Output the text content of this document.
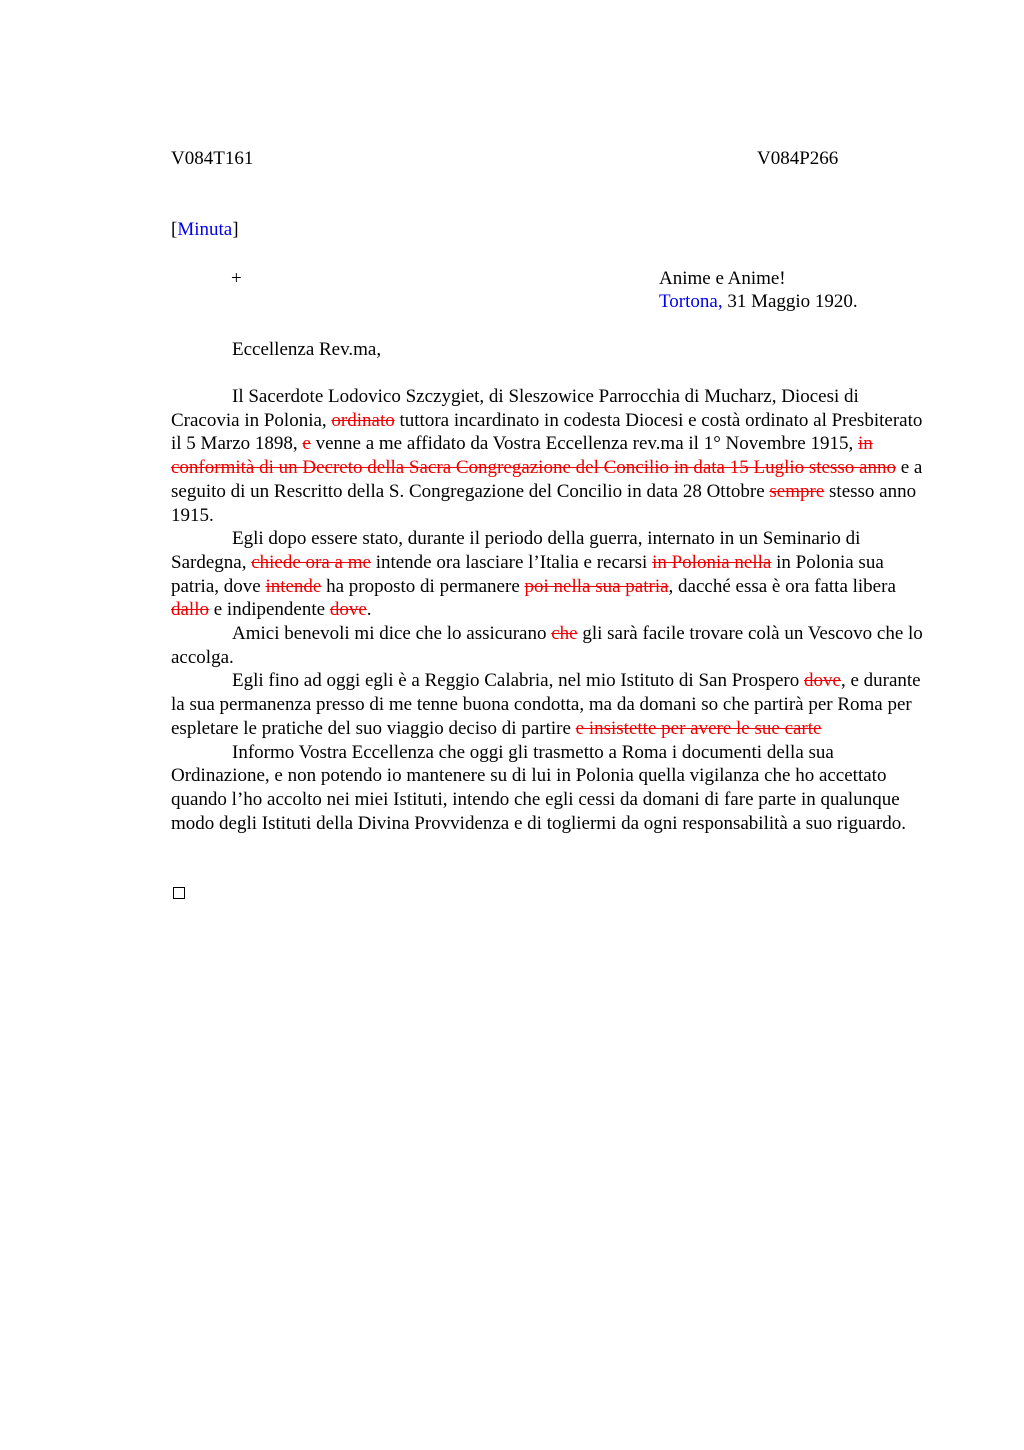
V084T161	V084P266
[Minuta]
+	Anime e Anime!
Tortona, 31 Maggio 1920.
Eccellenza Rev.ma,

Il Sacerdote Lodovico Szczygiet, di Sleszowice Parrocchia di Mucharz, Diocesi di Cracovia in Polonia, ordinato tuttora incardinato in codesta Diocesi e costà ordinato al Presbiterato il 5 Marzo 1898, e venne a me affidato da Vostra Eccellenza rev.ma il 1° Novembre 1915, in conformità di un Decreto della Sacra Congregazione del Concilio in data 15 Luglio stesso anno e a seguito di un Rescritto della S. Congregazione del Concilio in data 28 Ottobre sempre stesso anno 1915.

Egli dopo essere stato, durante il periodo della guerra, internato in un Seminario di Sardegna, chiede ora a me intende ora lasciare l’Italia e recarsi in Polonia nella in Polonia sua patria, dove intende ha proposto di permanere poi nella sua patria, dacché essa è ora fatta libera dallo e indipendente dove.

Amici benevoli mi dice che lo assicurano che gli sarà facile trovare colà un Vescovo che lo accolga.

Egli fino ad oggi egli è a Reggio Calabria, nel mio Istituto di San Prospero dove, e durante la sua permanenza presso di me tenne buona condotta, ma da domani so che partirà per Roma per espletare le pratiche del suo viaggio deciso di partire e insistette per avere le sue carte

Informo Vostra Eccellenza che oggi gli trasmetto a Roma i documenti della sua Ordinazione, e non potendo io mantenere su di lui in Polonia quella vigilanza che ho accettato quando l’ho accolto nei miei Istituti, intendo che egli cessi da domani di fare parte in qualunque modo degli Istituti della Divina Provvidenza e di togliermi da ogni responsabilità a suo riguardo.
